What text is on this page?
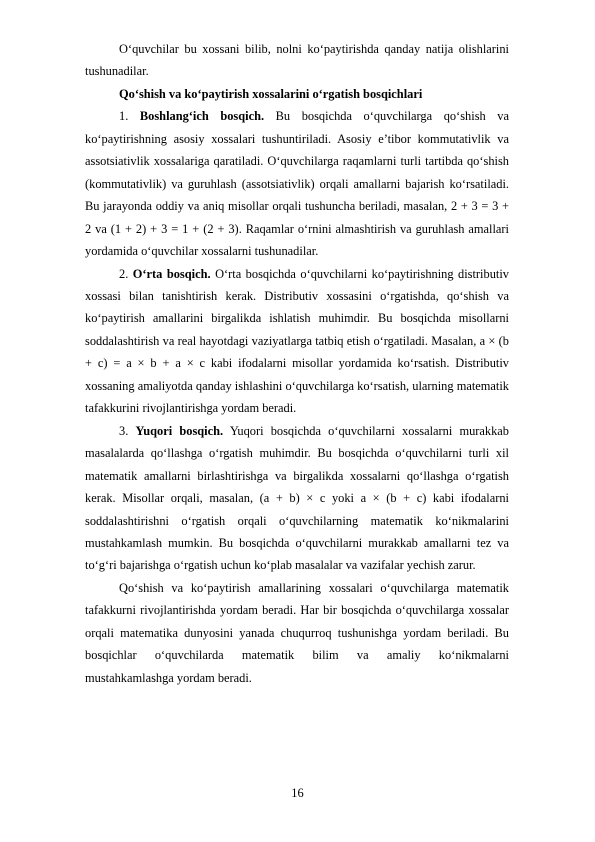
O‘quvchilar bu xossani bilib, nolni ko‘paytirishda qanday natija olishlarini tushunadilar.

Qo‘shish va ko‘paytirish xossalarini o‘rgatish bosqichlari

1. Boshlang‘ich bosqich. Bu bosqichda o‘quvchilarga qo‘shish va ko‘paytirishning asosiy xossalari tushuntiriladi. Asosiy e’tibor kommutativlik va assotsiativlik xossalariga qaratiladi. O‘quvchilarga raqamlarni turli tartibda qo‘shish (kommutativlik) va guruhlash (assotsiativlik) orqali amallarni bajarish ko‘rsatiladi. Bu jarayonda oddiy va aniq misollar orqali tushuncha beriladi, masalan, 2 + 3 = 3 + 2 va (1 + 2) + 3 = 1 + (2 + 3). Raqamlar o‘rnini almashtirish va guruhlash amallari yordamida o‘quvchilar xossalarni tushunadilar.

2. O‘rta bosqich. O‘rta bosqichda o‘quvchilarni ko‘paytirishning distributiv xossasi bilan tanishtirish kerak. Distributiv xossasini o‘rgatishda, qo‘shish va ko‘paytirish amallarini birgalikda ishlatish muhimdir. Bu bosqichda misollarni soddalashtirish va real hayotdagi vaziyatlarga tatbiq etish o‘rgatiladi. Masalan, a × (b + c) = a × b + a × c kabi ifodalarni misollar yordamida ko‘rsatish. Distributiv xossaning amaliyotda qanday ishlashini o‘quvchilarga ko‘rsatish, ularning matematik tafakkurini rivojlantirishga yordam beradi.

3. Yuqori bosqich. Yuqori bosqichda o‘quvchilarni xossalarni murakkab masalalarda qo‘llashga o‘rgatish muhimdir. Bu bosqichda o‘quvchilarni turli xil matematik amallarni birlashtirishga va birgalikda xossalarni qo‘llashga o‘rgatish kerak. Misollar orqali, masalan, (a + b) × c yoki a × (b + c) kabi ifodalarni soddalashtirishni o‘rgatish orqali o‘quvchilarning matematik ko‘nikmalarini mustahkamlash mumkin. Bu bosqichda o‘quvchilarni murakkab amallarni tez va to‘g‘ri bajarishga o‘rgatish uchun ko‘plab masalalar va vazifalar yechish zarur.

Qo‘shish va ko‘paytirish amallarining xossalari o‘quvchilarga matematik tafakkurni rivojlantirishda yordam beradi. Har bir bosqichda o‘quvchilarga xossalar orqali matematika dunyosini yanada chuqurroq tushunishga yordam beriladi. Bu bosqichlar o‘quvchilarda matematik bilim va amaliy ko‘nikmalarni mustahkamlashga yordam beradi.

16
